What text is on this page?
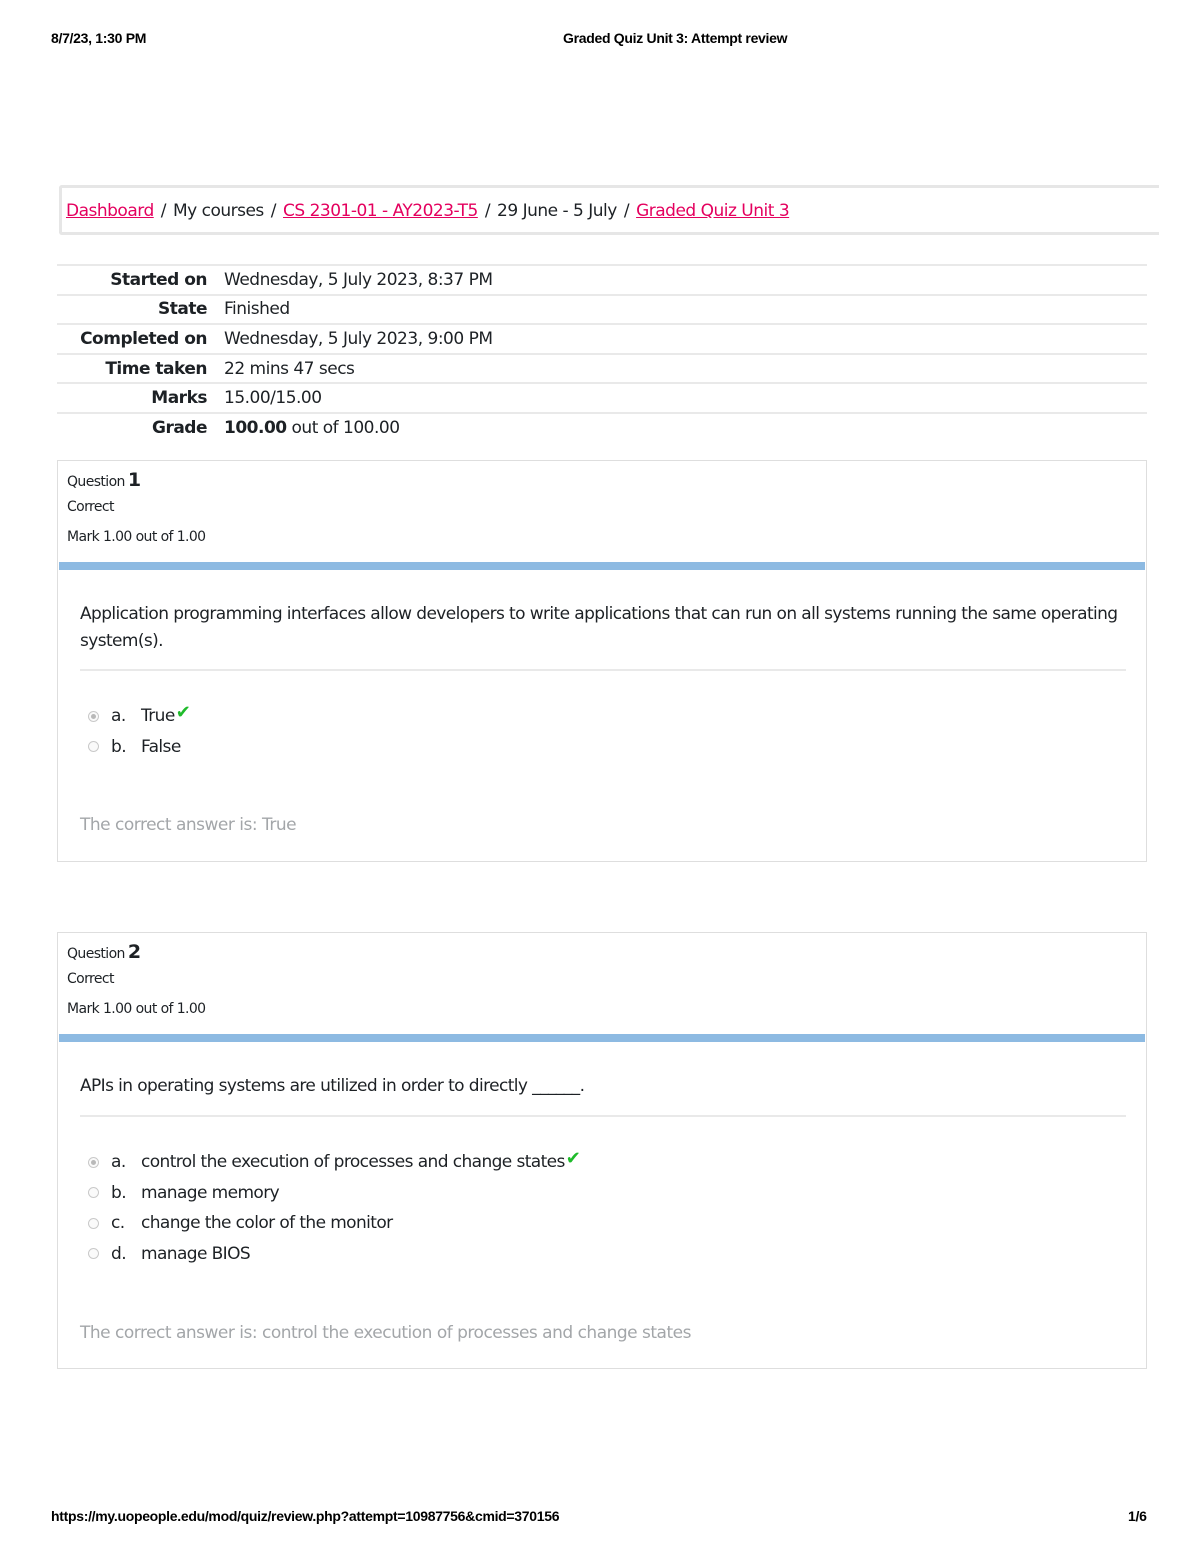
8/7/23, 1:30 PM	Graded Quiz Unit 3: Attempt review
Dashboard / My courses / CS 2301-01 - AY2023-T5 / 29 June - 5 July / Graded Quiz Unit 3
Started on	Wednesday, 5 July 2023, 8:37 PM
State	Finished
Completed on	Wednesday, 5 July 2023, 9:00 PM
Time taken	22 mins 47 secs
Marks	15.00/15.00
Grade	100.00 out of 100.00
Question 1
Correct
Mark 1.00 out of 1.00
Application programming interfaces allow developers to write applications that can run on all systems running the same operating system(s).
a. True ✔
b. False
The correct answer is: True
Question 2
Correct
Mark 1.00 out of 1.00
APIs in operating systems are utilized in order to directly ______.
a. control the execution of processes and change states ✔
b. manage memory
c. change the color of the monitor
d. manage BIOS
The correct answer is: control the execution of processes and change states
https://my.uopeople.edu/mod/quiz/review.php?attempt=10987756&cmid=370156	1/6
